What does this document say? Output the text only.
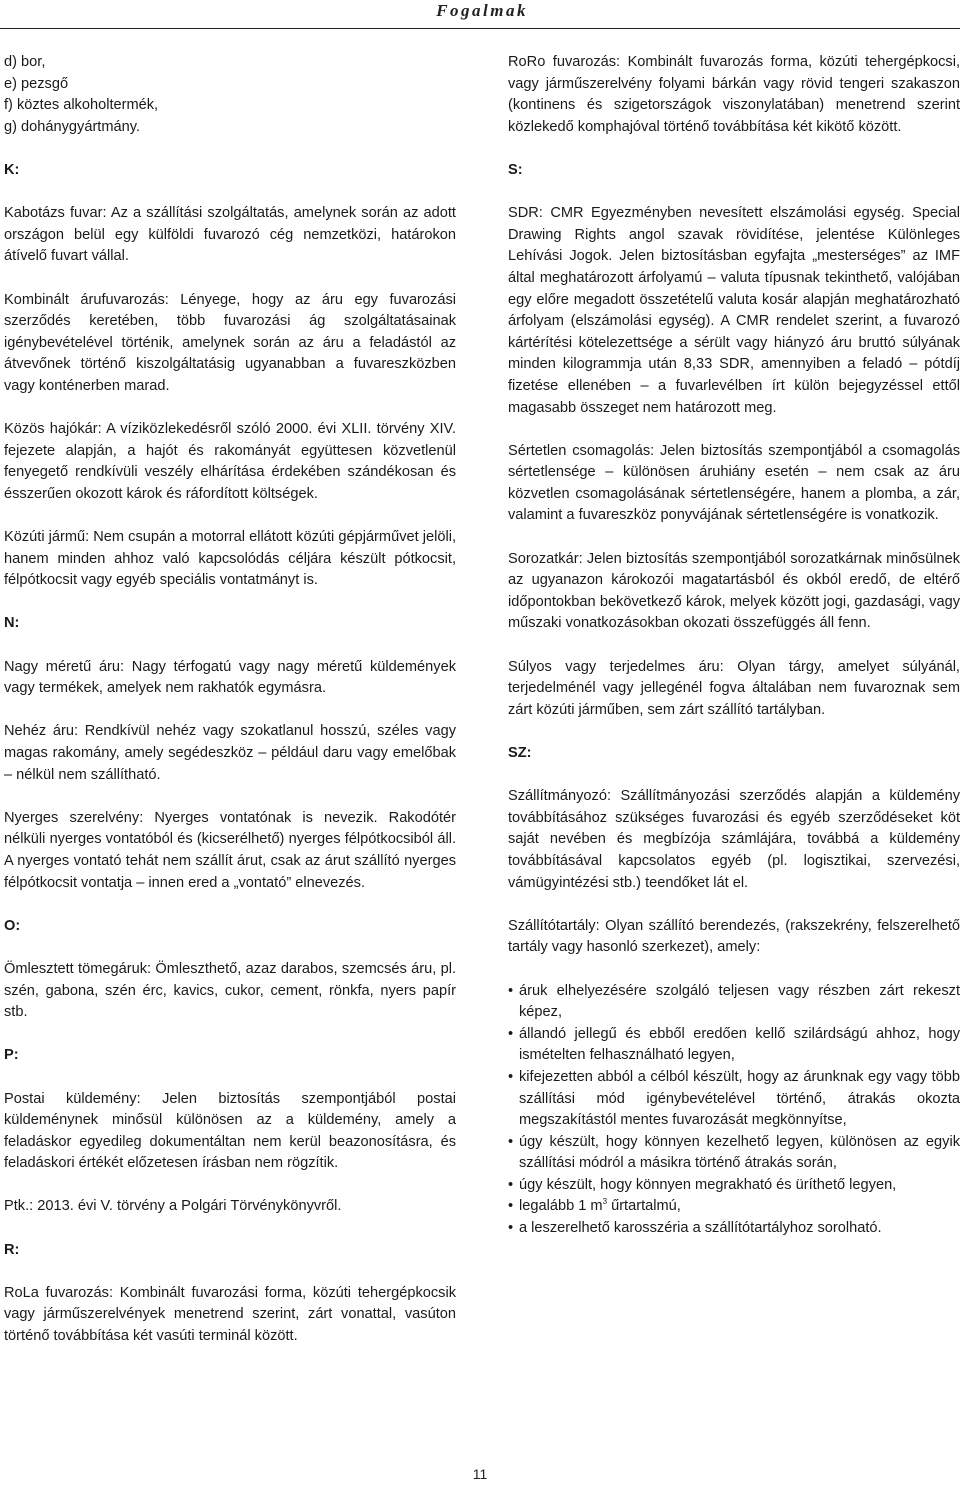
Fogalmak

d) bor,
e) pezsgő
f) köztes alkoholtermék,
g) dohánygyártmány.

K:

Kabotázs fuvar: Az a szállítási szolgáltatás, amelynek során az adott országon belül egy külföldi fuvarozó cég nemzetközi, határokon átívelő fuvart vállal.

Kombinált árufuvarozás: Lényege, hogy az áru egy fuvarozási szerződés keretében, több fuvarozási ág szolgáltatásainak igénybevételével történik, amelynek során az áru a feladástól az átvevőnek történő kiszolgáltatásig ugyanabban a fuvareszközben vagy konténerben marad.

Közös hajókár: A víziközlekedésről szóló 2000. évi XLII. törvény XIV. fejezete alapján, a hajót és rakományát együttesen közvetlenül fenyegető rendkívüli veszély elhárítása érdekében szándékosan és ésszerűen okozott károk és ráfordított költségek.

Közúti jármű: Nem csupán a motorral ellátott közúti gépjárművet jelöli, hanem minden ahhoz való kapcsolódás céljára készült pótkocsit, félpótkocsit vagy egyéb speciális vontatmányt is.

N:

Nagy méretű áru: Nagy térfogatú vagy nagy méretű küldemények vagy termékek, amelyek nem rakhatók egymásra.

Nehéz áru: Rendkívül nehéz vagy szokatlanul hosszú, széles vagy magas rakomány, amely segédeszköz – például daru vagy emelőbak – nélkül nem szállítható.

Nyerges szerelvény: Nyerges vontatónak is nevezik. Rakodótér nélküli nyerges vontatóból és (kicserélhető) nyerges félpótkocsiból áll. A nyerges vontató tehát nem szállít árut, csak az árut szállító nyerges félpótkocsit vontatja – innen ered a „vontató” elnevezés.

O:

Ömlesztett tömegáruk: Ömleszthető, azaz darabos, szemcsés áru, pl. szén, gabona, szén érc, kavics, cukor, cement, rönkfa, nyers papír stb.

P:

Postai küldemény: Jelen biztosítás szempontjából postai küldeménynek minősül különösen az a küldemény, amely a feladáskor egyedileg dokumentáltan nem kerül beazonosításra, és feladáskori értékét előzetesen írásban nem rögzítik.

Ptk.: 2013. évi V. törvény a Polgári Törvénykönyvről.

R:

RoLa fuvarozás: Kombinált fuvarozási forma, közúti tehergépkocsik vagy járműszerelvények menetrend szerint, zárt vonattal, vasúton történő továbbítása két vasúti terminál között.

RoRo fuvarozás: Kombinált fuvarozás forma, közúti tehergépkocsi, vagy járműszerelvény folyami bárkán vagy rövid tengeri szakaszon (kontinens és szigetországok viszonylatában) menetrend szerint közlekedő komphajóval történő továbbítása két kikötő között.

S:

SDR: CMR Egyezményben nevesített elszámolási egység. Special Drawing Rights angol szavak rövidítése, jelentése Különleges Lehívási Jogok. Jelen biztosításban egyfajta „mesterséges” az IMF által meghatározott árfolyamú – valuta típusnak tekinthető, valójában egy előre megadott összetételű valuta kosár alapján meghatározható árfolyam (elszámolási egység). A CMR rendelet szerint, a fuvarozó kártérítési kötelezettsége a sérült vagy hiányzó áru bruttó súlyának minden kilogrammja után 8,33 SDR, amennyiben a feladó – pótdíj fizetése ellenében – a fuvarlevélben írt külön bejegyzéssel ettől magasabb összeget nem határozott meg.

Sértetlen csomagolás: Jelen biztosítás szempontjából a csomagolás sértetlensége – különösen áruhiány esetén – nem csak az áru közvetlen csomagolásának sértetlenségére, hanem a plomba, a zár, valamint a fuvareszköz ponyvájának sértetlenségére is vonatkozik.

Sorozatkár: Jelen biztosítás szempontjából sorozatkárnak minősülnek az ugyanazon károkozói magatartásból és okból eredő, de eltérő időpontokban bekövetkező károk, melyek között jogi, gazdasági, vagy műszaki vonatkozásokban okozati összefüggés áll fenn.

Súlyos vagy terjedelmes áru: Olyan tárgy, amelyet súlyánál, terjedelménél vagy jellegénél fogva általában nem fuvaroznak sem zárt közúti járműben, sem zárt szállító tartályban.

SZ:

Szállítmányozó: Szállítmányozási szerződés alapján a küldemény továbbításához szükséges fuvarozási és egyéb szerződéseket köt saját nevében és megbízója számlájára, továbbá a küldemény továbbításával kapcsolatos egyéb (pl. logisztikai, szervezési, vámügyintézési stb.) teendőket lát el.

Szállítótartály: Olyan szállító berendezés, (rakszekrény, felszerelhető tartály vagy hasonló szerkezet), amely:

• áruk elhelyezésére szolgáló teljesen vagy részben zárt rekeszt képez,
• állandó jellegű és ebből eredően kellő szilárdságú ahhoz, hogy ismételten felhasználható legyen,
• kifejezetten abból a célból készült, hogy az árunknak egy vagy több szállítási mód igénybevételével történő, átrakás okozta megszakítástól mentes fuvarozását megkönnyítse,
• úgy készült, hogy könnyen kezelhető legyen, különösen az egyik szállítási módról a másikra történő átrakás során,
• úgy készült, hogy könnyen megrakható és üríthető legyen,
• legalább 1 $m^3$ űrtartalmú,
• a leszerelhető karosszéria a szállítótartályhoz sorolható.
11
